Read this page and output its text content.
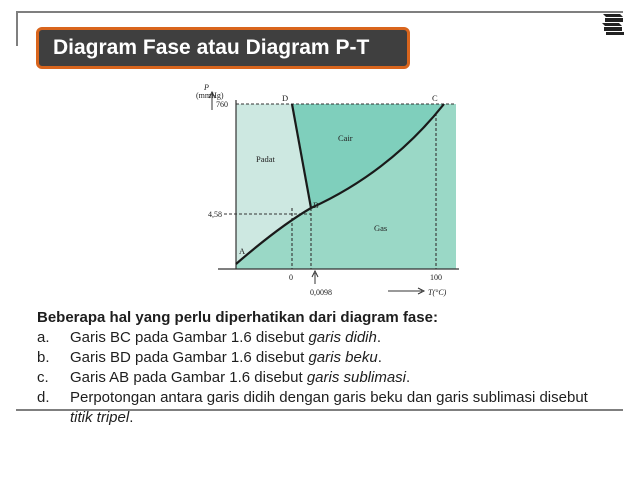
Diagram Fase atau Diagram P-T
P
(mmHg)
760
4,58
0
0,0098
100
T(°C)
Padat
Cair
Gas
A
B
C
D
Beberapa hal yang perlu diperhatikan dari diagram fase:
a.	Garis BC pada Gambar 1.6 disebut garis didih.
b.	Garis BD pada Gambar 1.6 disebut garis beku.
c.	Garis AB pada Gambar 1.6 disebut garis sublimasi.
d.	Perpotongan antara garis didih dengan garis beku dan garis sublimasi disebut titik tripel.
